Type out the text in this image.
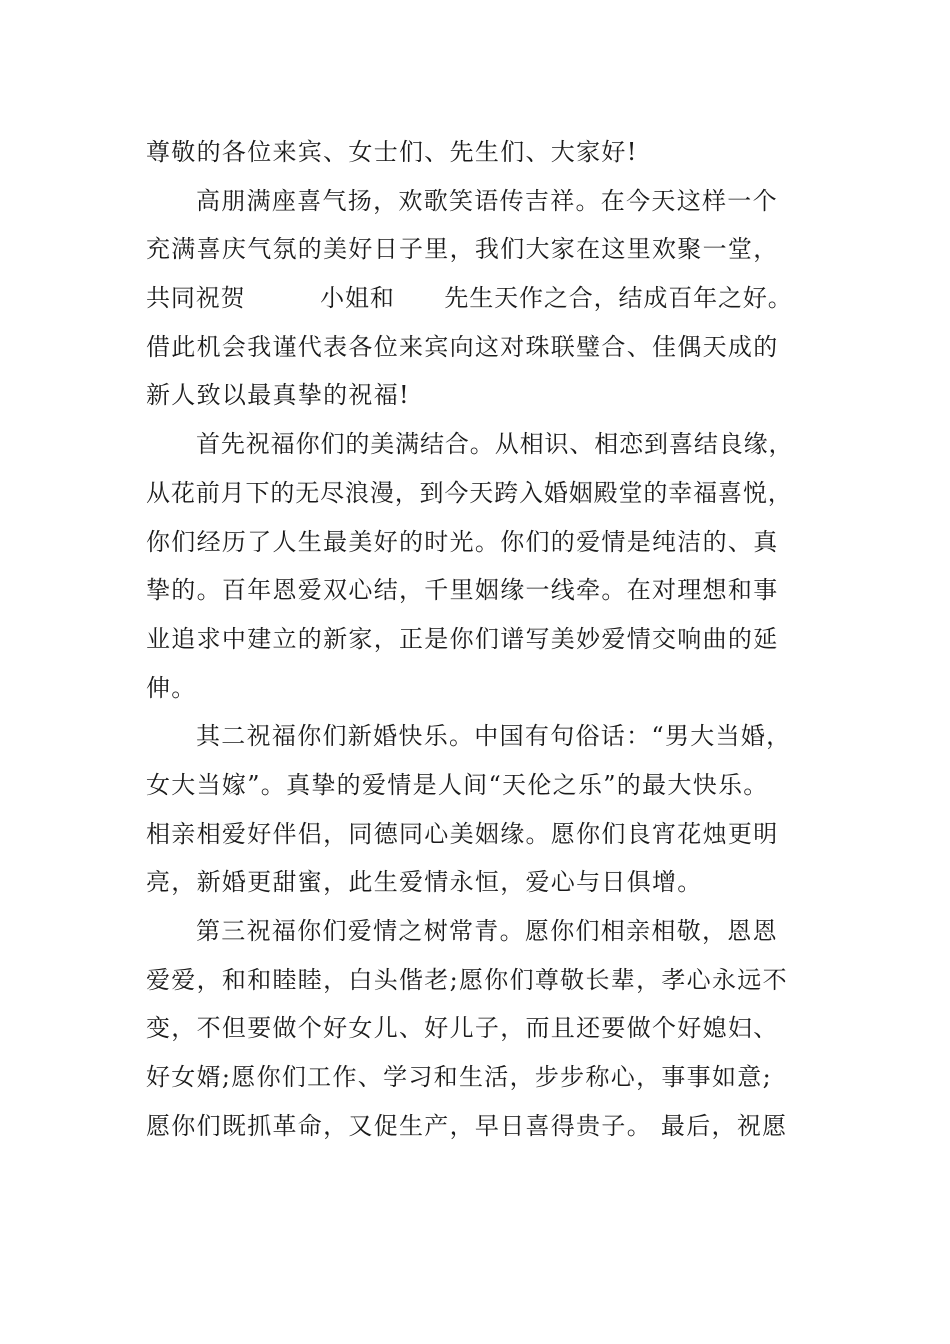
尊敬的各位来宾、女士们、先生们、大家好!
高朋满座喜气扬，欢歌笑语传吉祥。在今天这样一个
充满喜庆气氛的美好日子里，我们大家在这里欢聚一堂，
共同祝贺　　　小姐和　　先生天作之合，结成百年之好。
借此机会我谨代表各位来宾向这对珠联璧合、佳偶天成的
新人致以最真挚的祝福!
首先祝福你们的美满结合。从相识、相恋到喜结良缘，
从花前月下的无尽浪漫，到今天跨入婚姻殿堂的幸福喜悦，
你们经历了人生最美好的时光。你们的爱情是纯洁的、真
挚的。百年恩爱双心结，千里姻缘一线牵。在对理想和事
业追求中建立的新家，正是你们谱写美妙爱情交响曲的延
伸。
其二祝福你们新婚快乐。中国有句俗话：“男大当婚，
女大当嫁”。真挚的爱情是人间“天伦之乐”的最大快乐。
相亲相爱好伴侣，同德同心美姻缘。愿你们良宵花烛更明
亮，新婚更甜蜜，此生爱情永恒，爱心与日俱增。
第三祝福你们爱情之树常青。愿你们相亲相敬，恩恩
爱爱，和和睦睦，白头偕老;愿你们尊敬长辈，孝心永远不
变，不但要做个好女儿、好儿子，而且还要做个好媳妇、
好女婿;愿你们工作、学习和生活，步步称心，事事如意;
愿你们既抓革命，又促生产，早日喜得贵子。 最后，祝愿
